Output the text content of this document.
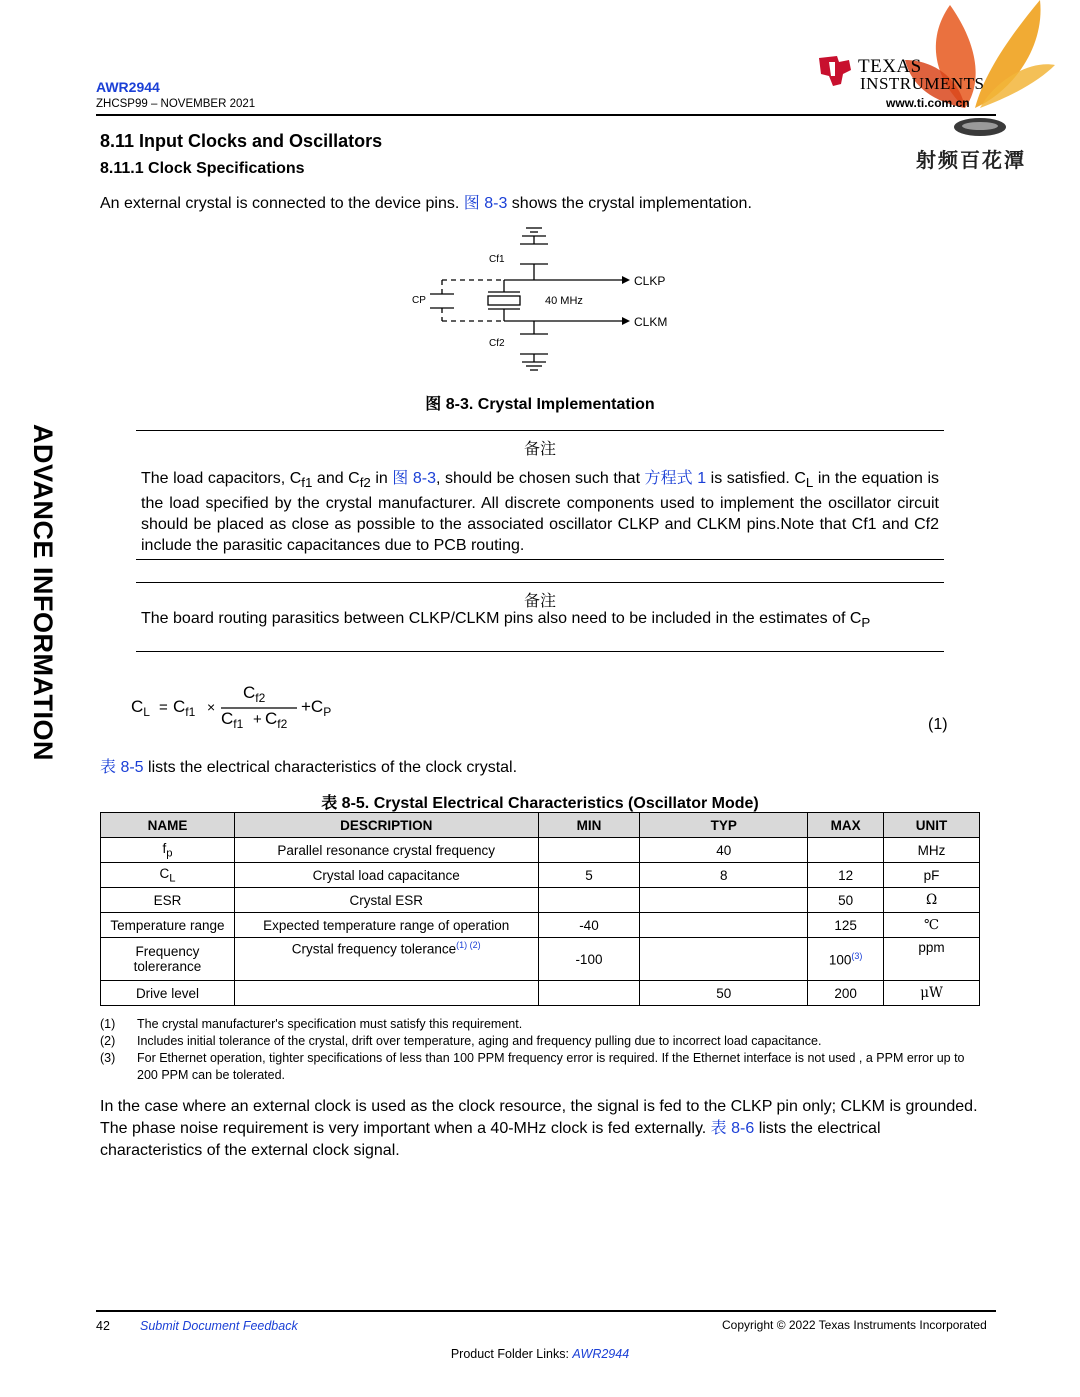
AWR2944
ZHCSP99 – NOVEMBER 2021
TEXAS
INSTRUMENTS
www.ti.com.cn
射频百花潭
ADVANCE INFORMATION
8.11 Input Clocks and Oscillators
8.11.1 Clock Specifications
An external crystal is connected to the device pins. 图 8-3 shows the crystal implementation.
Cf1
Cf2
CP	40 MHz
CLKP
CLKM
图 8-3. Crystal Implementation
备注
The load capacitors, $C_{f1}$ and $C_{f2}$ in 图 8-3, should be chosen such that 方程式 1 is satisfied. $C_L$ in the equation is the load specified by the crystal manufacturer. All discrete components used to implement the oscillator circuit should be placed as close as possible to the associated oscillator CLKP and CLKM pins.Note that Cf1 and Cf2 include the parasitic capacitances due to PCB routing.
备注
The board routing parasitics between CLKP/CLKM pins also need to be included in the estimates of $C_P$
$C_L = C_{f1}$ ×
$C_{f2}$
$C_{f1} + C_{f2}$
$+C_P$
(1)
表 8-5 lists the electrical characteristics of the clock crystal.
表 8-5. Crystal Electrical Characteristics (Oscillator Mode)
NAME	DESCRIPTION	MIN	TYP	MAX	UNIT
$f_p$	Parallel resonance crystal frequency		40		MHz
$C_L$	Crystal load capacitance	5	8	12	pF
ESR	Crystal ESR			50	Ω
Temperature range	Expected temperature range of operation	-40		125	℃
Frequency tolererance	Crystal frequency tolerance$^{(1) (2)}$	-100		100$^{(3)}$	ppm
Drive level			50	200	μW
(1) The crystal manufacturer's specification must satisfy this requirement.
(2) Includes initial tolerance of the crystal, drift over temperature, aging and frequency pulling due to incorrect load capacitance.
(3) For Ethernet operation, tighter specifications of less than 100 PPM frequency error is required. If the Ethernet interface is not used , a PPM error up to 200 PPM can be tolerated.
In the case where an external clock is used as the clock resource, the signal is fed to the CLKP pin only; CLKM is grounded. The phase noise requirement is very important when a 40-MHz clock is fed externally. 表 8-6 lists the electrical characteristics of the external clock signal.
42 Submit Document Feedback	Copyright © 2022 Texas Instruments Incorporated
Product Folder Links: AWR2944
